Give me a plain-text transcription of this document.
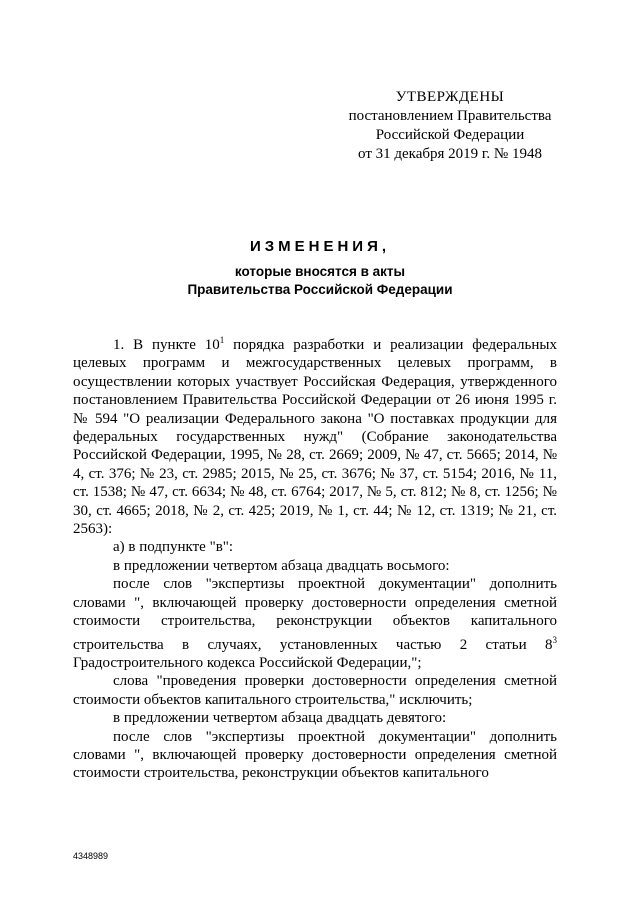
УТВЕРЖДЕНЫ
постановлением Правительства
Российской Федерации
от 31 декабря 2019 г. № 1948
ИЗМЕНЕНИЯ,
которые вносятся в акты
Правительства Российской Федерации

1. В пункте $10^1$ порядка разработки и реализации федеральных целевых программ и межгосударственных целевых программ, в осуществлении которых участвует Российская Федерация, утвержденного постановлением Правительства Российской Федерации от 26 июня 1995 г. № 594 "О реализации Федерального закона "О поставках продукции для федеральных государственных нужд" (Собрание законодательства Российской Федерации, 1995, № 28, ст. 2669; 2009, № 47, ст. 5665; 2014, № 4, ст. 376; № 23, ст. 2985; 2015, № 25, ст. 3676; № 37, ст. 5154; 2016, № 11, ст. 1538; № 47, ст. 6634; № 48, ст. 6764; 2017, № 5, ст. 812; № 8, ст. 1256; № 30, ст. 4665; 2018, № 2, ст. 425; 2019, № 1, ст. 44; № 12, ст. 1319; № 21, ст. 2563):

а) в подпункте "в":

в предложении четвертом абзаца двадцать восьмого:

после слов "экспертизы проектной документации" дополнить словами ", включающей проверку достоверности определения сметной стоимости строительства, реконструкции объектов капитального строительства в случаях, установленных частью 2 статьи $8^3$ Градостроительного кодекса Российской Федерации,";

слова "проведения проверки достоверности определения сметной стоимости объектов капитального строительства," исключить;

в предложении четвертом абзаца двадцать девятого:

после слов "экспертизы проектной документации" дополнить словами ", включающей проверку достоверности определения сметной стоимости строительства, реконструкции объектов капитального

4348989
